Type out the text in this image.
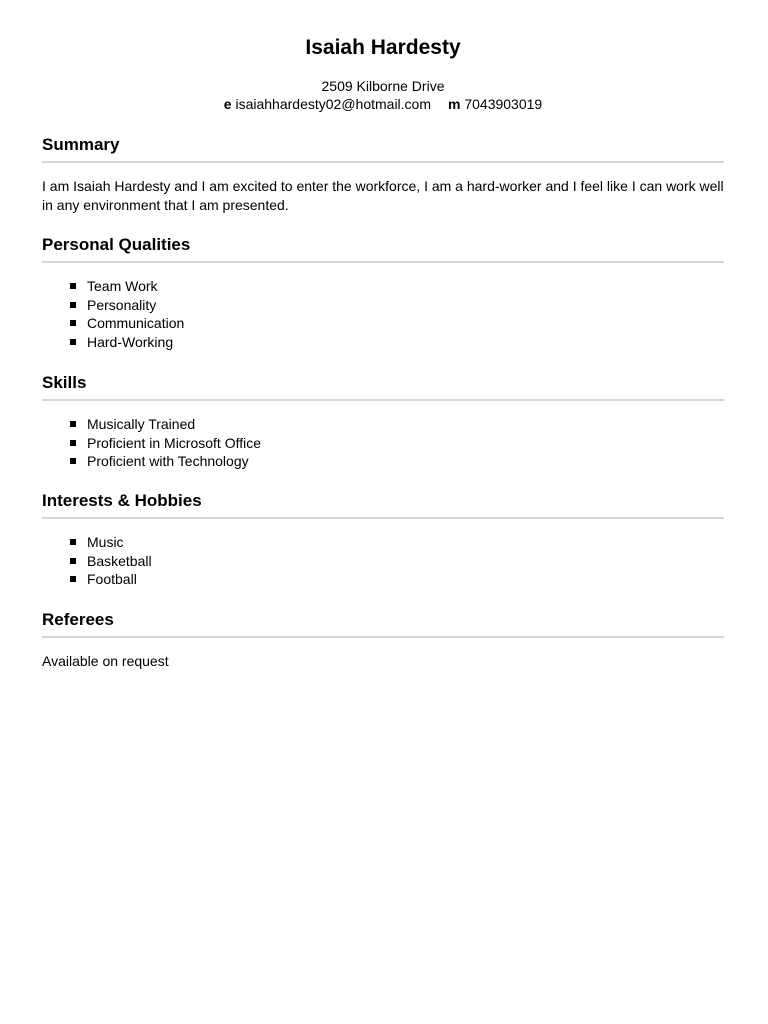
Isaiah Hardesty
2509 Kilborne Drive
e isaiahhardesty02@hotmail.com m 7043903019
Summary
I am Isaiah Hardesty and I am excited to enter the workforce, I am a hard-worker and I feel like I can work well in any environment that I am presented.
Personal Qualities
Team Work
Personality
Communication
Hard-Working
Skills
Musically Trained
Proficient in Microsoft Office
Proficient with Technology
Interests & Hobbies
Music
Basketball
Football
Referees
Available on request
